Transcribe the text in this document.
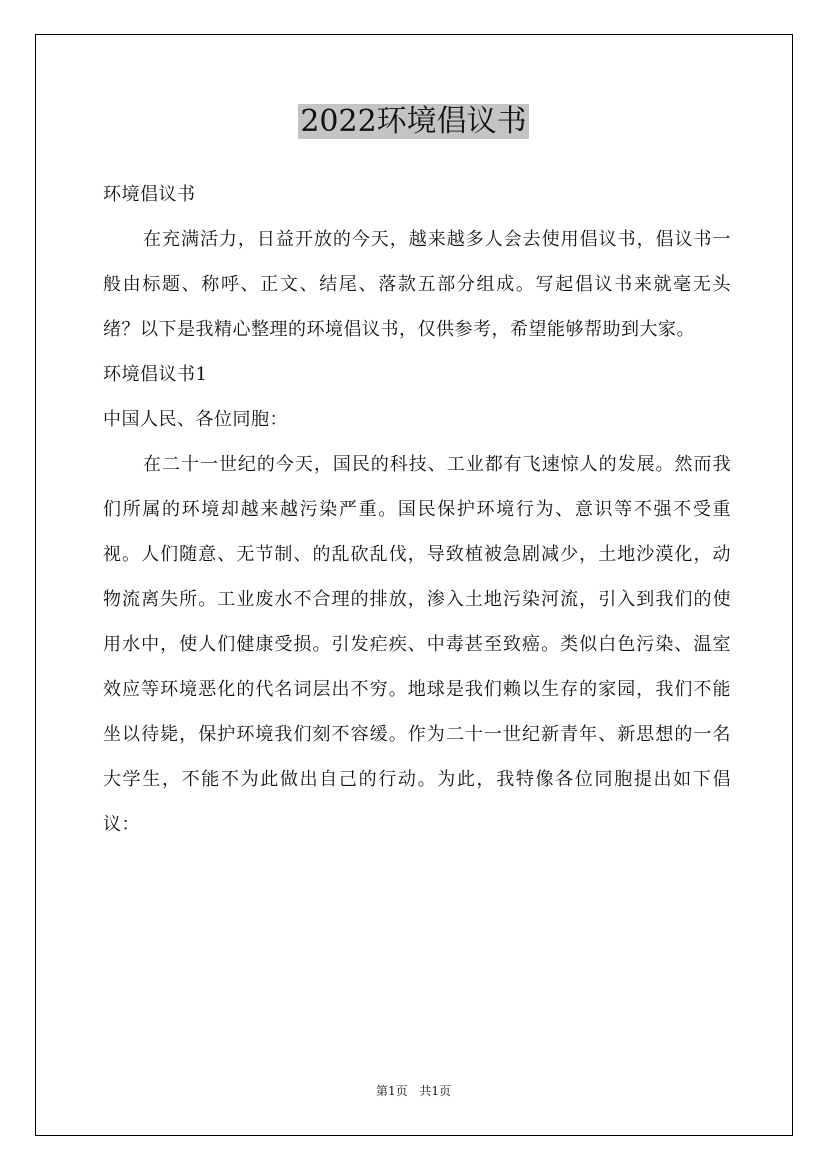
2022环境倡议书

环境倡议书

在充满活力，日益开放的今天，越来越多人会去使用倡议书，倡议书一般由标题、称呼、正文、结尾、落款五部分组成。写起倡议书来就毫无头绪？以下是我精心整理的环境倡议书，仅供参考，希望能够帮助到大家。

环境倡议书1

中国人民、各位同胞：

在二十一世纪的今天，国民的科技、工业都有飞速惊人的发展。然而我们所属的环境却越来越污染严重。国民保护环境行为、意识等不强不受重视。人们随意、无节制、的乱砍乱伐，导致植被急剧减少，土地沙漠化，动物流离失所。工业废水不合理的排放，渗入土地污染河流，引入到我们的使用水中，使人们健康受损。引发疟疾、中毒甚至致癌。类似白色污染、温室效应等环境恶化的代名词层出不穷。地球是我们赖以生存的家园，我们不能坐以待毙，保护环境我们刻不容缓。作为二十一世纪新青年、新思想的一名大学生，不能不为此做出自己的行动。为此，我特像各位同胞提出如下倡议：

第1页 共1页
